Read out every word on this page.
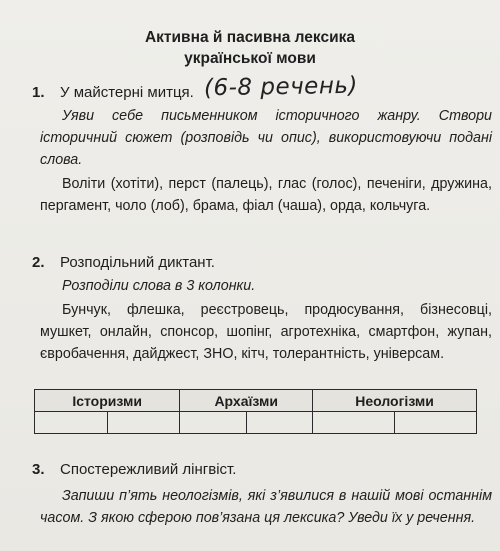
Активна й пасивна лексика
української мови
1. У майстерні митця. (6-8 речень)
Уяви себе письменником історичного жанру. Створи історичний сюжет (розповідь чи опис), використовуючи подані слова.
Воліти (хотіти), перст (палець), глас (голос), печеніги, дружина, пергамент, чоло (лоб), брама, фіал (чаша), орда, кольчуга.
2. Розподільний диктант.
Розподіли слова в 3 колонки.
Бунчук, флешка, реєстровець, продюсування, бізнесовці, мушкет, онлайн, спонсор, шопінг, агротехніка, смартфон, жупан, євробачення, дайджест, ЗНО, кітч, толерантність, універсам.
Історизми		Архаїзми		Неологізми	

3. Спостережливий лінгвіст.
Запиши п’ять неологізмів, які з’явилися в нашій мові останнім часом. З якою сферою пов’язана ця лексика? Уведи їх у речення.
